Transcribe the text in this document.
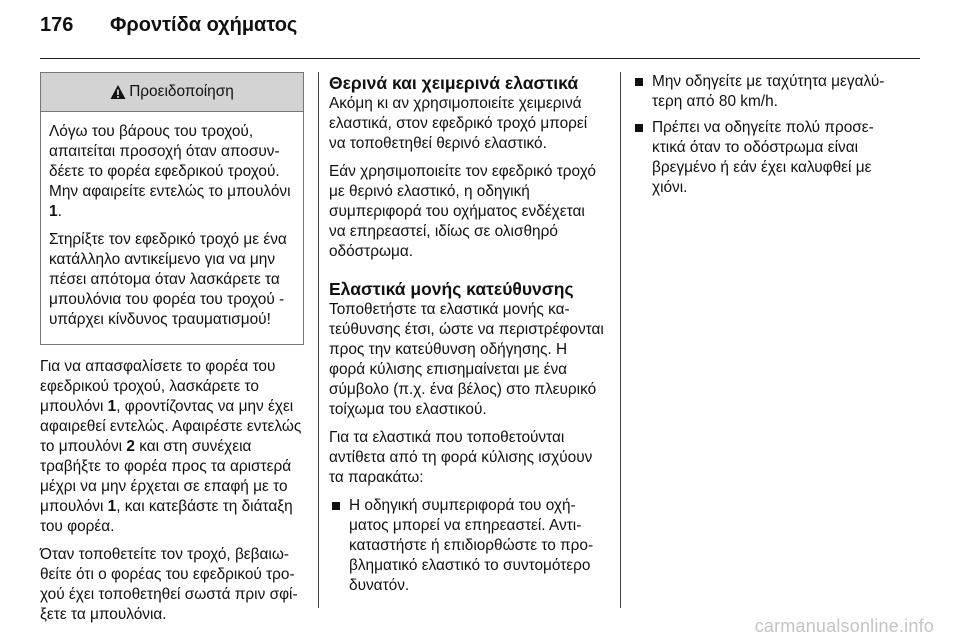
176	Φροντίδα οχήματος
Προειδοποίηση

Λόγω του βάρους του τροχού, απαιτείται προσοχή όταν αποσυνδέετε το φορέα εφεδρικού τροχού. Μην αφαιρείτε εντελώς το μπουλόνι 1.

Στηρίξτε τον εφεδρικό τροχό με ένα κατάλληλο αντικείμενο για να μην πέσει απότομα όταν λασκάρετε τα μπουλόνια του φορέα του τροχού - υπάρχει κίνδυνος τραυματισμού!

Για να απασφαλίσετε το φορέα του εφεδρικού τροχού, λασκάρετε το μπουλόνι 1, φροντίζοντας να μην έχει αφαιρεθεί εντελώς. Αφαιρέστε εντελώς το μπουλόνι 2 και στη συνέχεια τραβήξτε το φορέα προς τα αριστερά μέχρι να μην έρχεται σε επαφή με το μπουλόνι 1, και κατεβάστε τη διάταξη του φορέα.

Όταν τοποθετείτε τον τροχό, βεβαιωθείτε ότι ο φορέας του εφεδρικού τροχού έχει τοποθετηθεί σωστά πριν σφίξετε τα μπουλόνια.

Θερινά και χειμερινά ελαστικά

Ακόμη κι αν χρησιμοποιείτε χειμερινά ελαστικά, στον εφεδρικό τροχό μπορεί να τοποθετηθεί θερινό ελαστικό.

Εάν χρησιμοποιείτε τον εφεδρικό τροχό με θερινό ελαστικό, η οδηγική συμπεριφορά του οχήματος ενδέχεται να επηρεαστεί, ιδίως σε ολισθηρό οδόστρωμα.

Ελαστικά μονής κατεύθυνσης

Τοποθετήστε τα ελαστικά μονής κατεύθυνσης έτσι, ώστε να περιστρέφονται προς την κατεύθυνση οδήγησης. Η φορά κύλισης επισημαίνεται με ένα σύμβολο (π.χ. ένα βέλος) στο πλευρικό τοίχωμα του ελαστικού.

Για τα ελαστικά που τοποθετούνται αντίθετα από τη φορά κύλισης ισχύουν τα παρακάτω:

Η οδηγική συμπεριφορά του οχήματος μπορεί να επηρεαστεί. Αντικαταστήστε ή επιδιορθώστε το προβληματικό ελαστικό το συντομότερο δυνατόν.
Μην οδηγείτε με ταχύτητα μεγαλύτερη από 80 km/h.
Πρέπει να οδηγείτε πολύ προσεκτικά όταν το οδόστρωμα είναι βρεγμένο ή εάν έχει καλυφθεί με χιόνι.
carmanualsonline.info
